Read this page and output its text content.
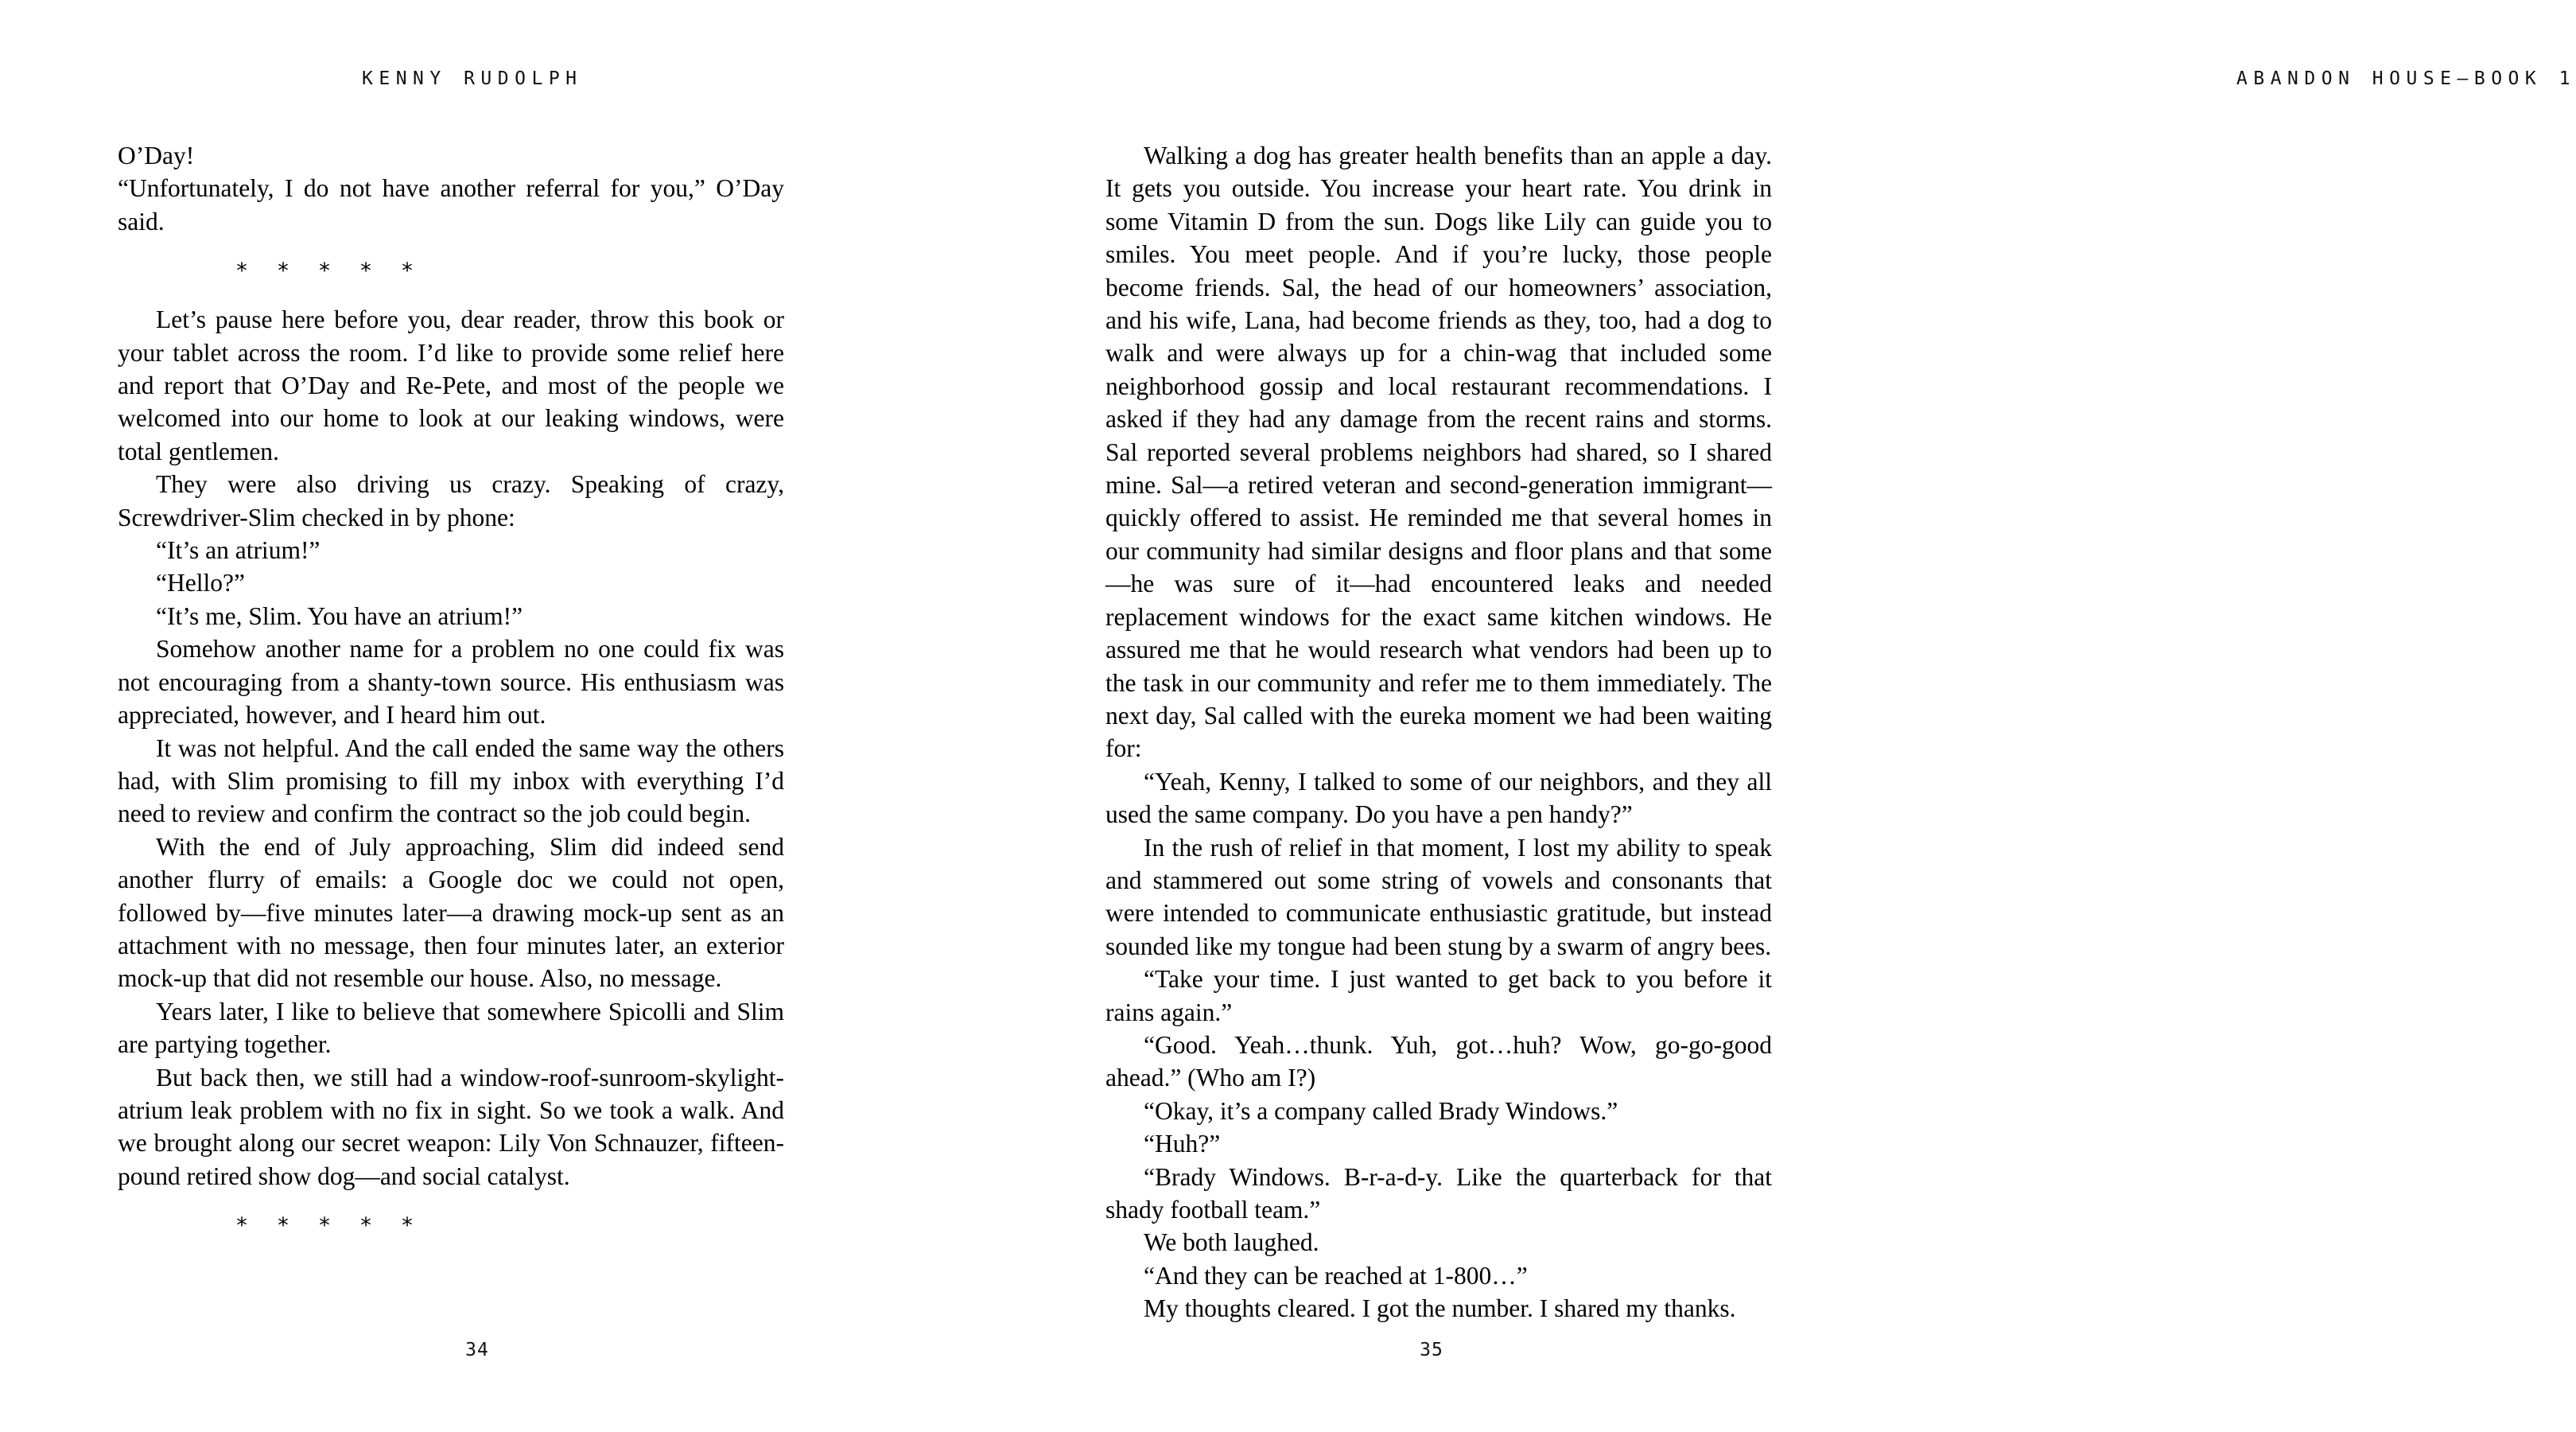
KENNY RUDOLPH

O’Day!

“Unfortunately, I do not have another referral for you,” O’Day said.

*	*	*	*	*

Let’s pause here before you, dear reader, throw this book or your tablet across the room. I’d like to provide some relief here and report that O’Day and Re-Pete, and most of the people we welcomed into our home to look at our leaking windows, were total gentlemen.

They were also driving us crazy. Speaking of crazy, Screwdriver-Slim checked in by phone:

“It’s an atrium!”

“Hello?”

“It’s me, Slim. You have an atrium!”

Somehow another name for a problem no one could fix was not encouraging from a shanty-town source. His enthusiasm was appreciated, however, and I heard him out.

It was not helpful. And the call ended the same way the others had, with Slim promising to fill my inbox with everything I’d need to review and confirm the contract so the job could begin.

With the end of July approaching, Slim did indeed send another flurry of emails: a Google doc we could not open, followed by—five minutes later—a drawing mock-up sent as an attachment with no message, then four minutes later, an exterior mock-up that did not resemble our house. Also, no message.

Years later, I like to believe that somewhere Spicolli and Slim are partying together.

But back then, we still had a window-roof-sunroom-skylight-atrium leak problem with no fix in sight. So we took a walk. And we brought along our secret weapon: Lily Von Schnauzer, fifteen-pound retired show dog—and social catalyst.

*	*	*	*	*
34
ABANDON HOUSE—BOOK 1

Walking a dog has greater health benefits than an apple a day. It gets you outside. You increase your heart rate. You drink in some Vitamin D from the sun. Dogs like Lily can guide you to smiles. You meet people. And if you’re lucky, those people become friends. Sal, the head of our homeowners’ association, and his wife, Lana, had become friends as they, too, had a dog to walk and were always up for a chin-wag that included some neighborhood gossip and local restaurant recommendations. I asked if they had any damage from the recent rains and storms. Sal reported several problems neighbors had shared, so I shared mine. Sal—a retired veteran and second-generation immigrant—quickly offered to assist. He reminded me that several homes in our community had similar designs and floor plans and that some—he was sure of it—had encountered leaks and needed replacement windows for the exact same kitchen windows. He assured me that he would research what vendors had been up to the task in our community and refer me to them immediately. The next day, Sal called with the eureka moment we had been waiting for:

“Yeah, Kenny, I talked to some of our neighbors, and they all used the same company. Do you have a pen handy?”

In the rush of relief in that moment, I lost my ability to speak and stammered out some string of vowels and consonants that were intended to communicate enthusiastic gratitude, but instead sounded like my tongue had been stung by a swarm of angry bees.

“Take your time. I just wanted to get back to you before it rains again.”

“Good. Yeah…thunk. Yuh, got…huh? Wow, go-go-good ahead.” (Who am I?)

“Okay, it’s a company called Brady Windows.”

“Huh?”

“Brady Windows. B-r-a-d-y. Like the quarterback for that shady football team.”

We both laughed.

“And they can be reached at 1-800…”

My thoughts cleared. I got the number. I shared my thanks.

35
